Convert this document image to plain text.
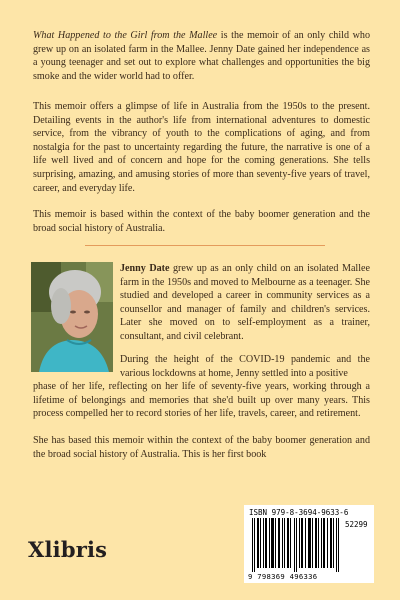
What Happened to the Girl from the Mallee is the memoir of an only child who grew up on an isolated farm in the Mallee. Jenny Date gained her independence as a young teenager and set out to explore what challenges and opportunities the big smoke and the wider world had to offer.

This memoir offers a glimpse of life in Australia from the 1950s to the present. Detailing events in the author's life from international adventures to domestic service, from the vibrancy of youth to the complications of aging, and from nostalgia for the past to uncertainty regarding the future, the narrative is one of a life well lived and of concern and hope for the coming generations. She tells surprising, amazing, and amusing stories of more than seventy-five years of travel, career, and everyday life.

This memoir is based within the context of the baby boomer generation and the broad social history of Australia.

Jenny Date grew up as an only child on an isolated Mallee farm in the 1950s and moved to Melbourne as a teenager. She studied and developed a career in community services as a counsellor and manager of family and children's services. Later she moved on to self-employment as a trainer, consultant, and civil celebrant.

During the height of the COVID-19 pandemic and the various lockdowns at home, Jenny settled into a positive

phase of her life, reflecting on her life of seventy-five years, working through a lifetime of belongings and memories that she'd built up over many years. This process compelled her to record stories of her life, travels, career, and retirement.

She has based this memoir within the context of the baby boomer generation and the broad social history of Australia. This is her first book

Xlibris
ISBN 979-8-3694-9633-6
52299
9 798369 496336
